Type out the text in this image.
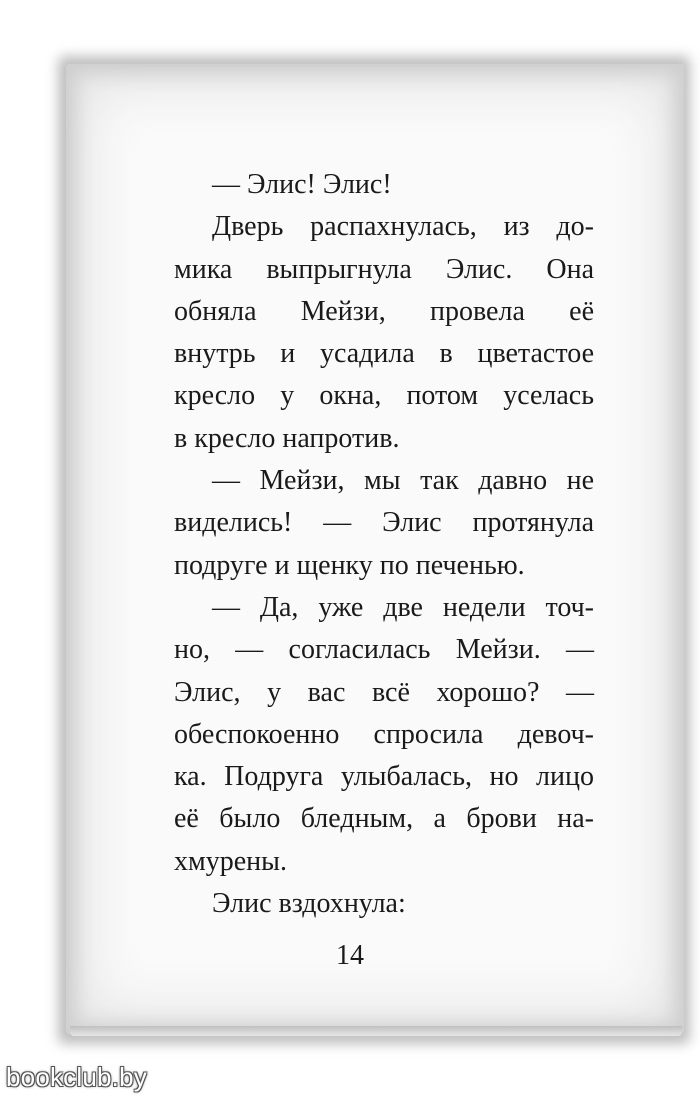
— Элис! Элис!
Дверь распахнулась, из до-
мика выпрыгнула Элис. Она
обняла Мейзи, провела её
внутрь и усадила в цветастое
кресло у окна, потом уселась
в кресло напротив.
— Мейзи, мы так давно не
виделись! — Элис протянула
подруге и щенку по печенью.
— Да, уже две недели точ-
но, — согласилась Мейзи. —
Элис, у вас всё хорошо? —
обеспокоенно спросила девоч-
ка. Подруга улыбалась, но лицо
её было бледным, а брови на-
хмурены.
Элис вздохнула:
14
bookclub.by
